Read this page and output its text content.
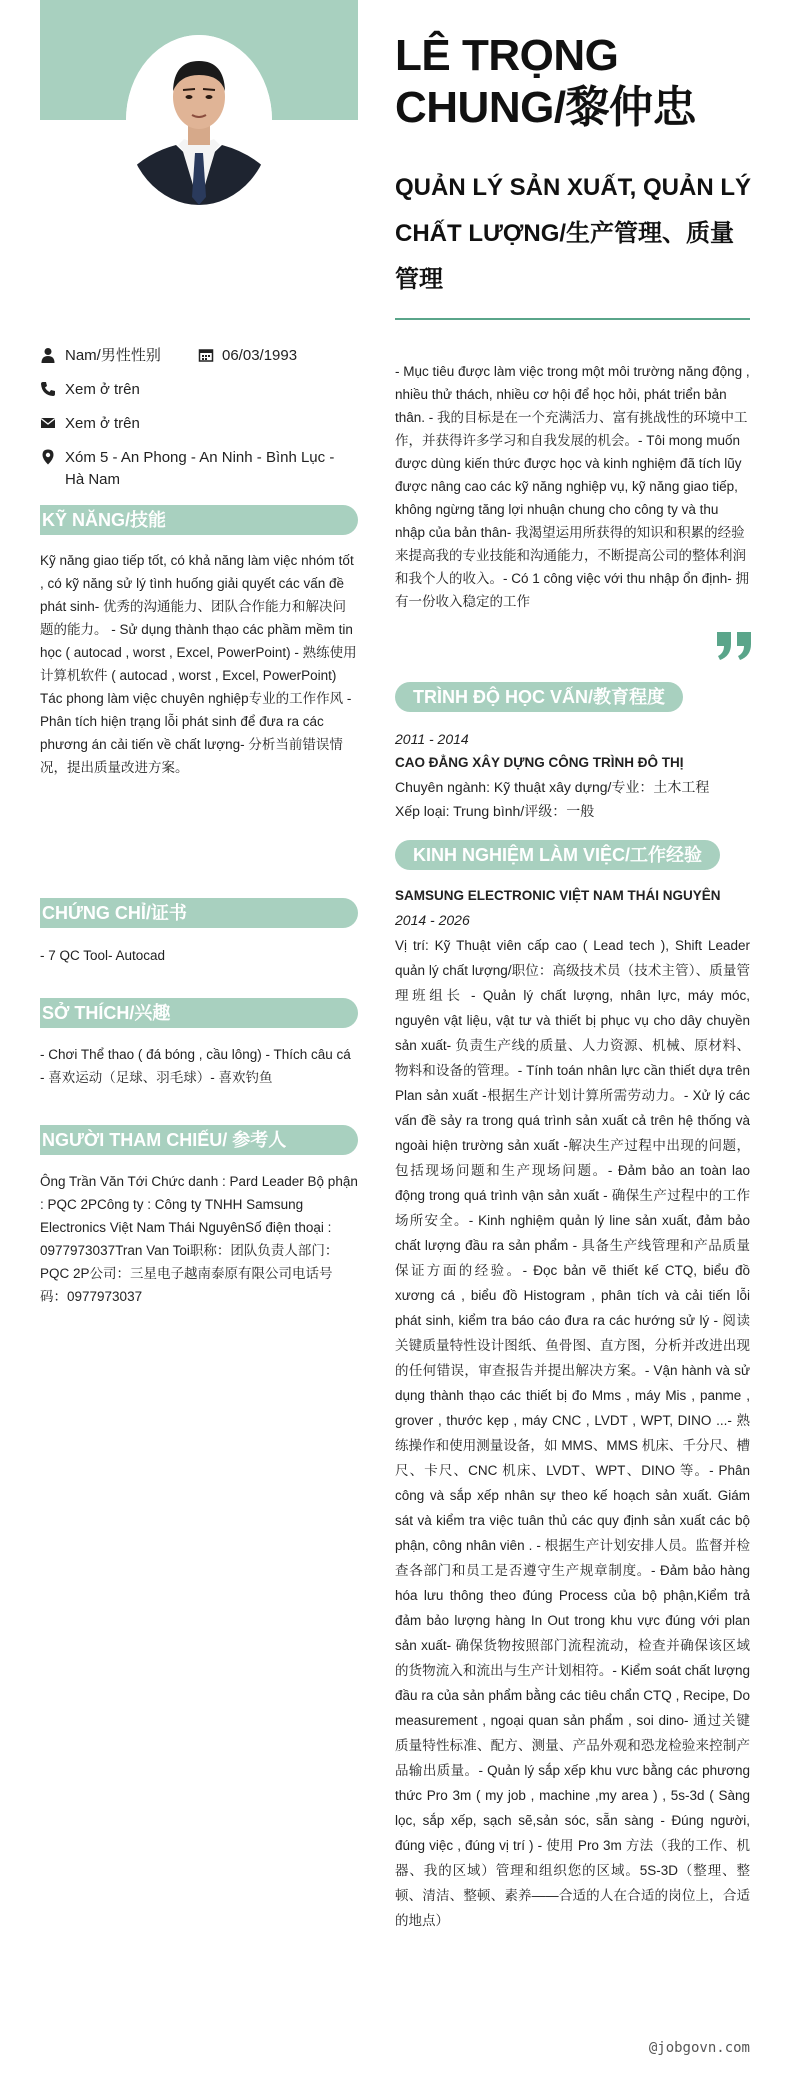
Nam/男性性别	06/03/1993
Xem ở trên
Xem ở trên
Xóm 5 - An Phong - An Ninh - Bình Lục - Hà Nam
KỸ NĂNG/技能
Kỹ năng giao tiếp tốt, có khả năng làm việc nhóm tốt , có kỹ năng sử lý tình huống giải quyết các vấn đề phát sinh- 优秀的沟通能力、团队合作能力和解决问题的能力。 - Sử dụng thành thạo các phầm mềm tin học ( autocad , worst , Excel, PowerPoint) - 熟练使用计算机软件 ( autocad , worst , Excel, PowerPoint) Tác phong làm việc chuyên nghiệp专业的工作作风 - Phân tích hiện trạng lỗi phát sinh để đưa ra các phương án cải tiến về chất lượng- 分析当前错误情况，提出质量改进方案。
CHỨNG CHỈ/证书
- 7 QC Tool- Autocad
SỞ THÍCH/兴趣
- Chơi Thể thao ( đá bóng , cầu lông) - Thích câu cá - 喜欢运动（足球、羽毛球）- 喜欢钓鱼
NGƯỜI THAM CHIẾU/ 参考人
Ông Trần Văn Tới Chức danh : Pard Leader Bộ phận : PQC 2PCông ty : Công ty TNHH Samsung Electronics Việt Nam Thái NguyênSố điện thoại : 0977973037Tran Van Toi职称：团队负责人部门：PQC 2P公司：三星电子越南泰原有限公司电话号码：0977973037
LÊ TRỌNG CHUNG/黎仲忠
QUẢN LÝ SẢN XUẤT, QUẢN LÝ CHẤT LƯỢNG/生产管理、质量管理
- Mục tiêu được làm việc trong một môi trường năng động , nhiều thử thách, nhiều cơ hội để học hỏi, phát triển bản thân. - 我的目标是在一个充满活力、富有挑战性的环境中工作，并获得许多学习和自我发展的机会。- Tôi mong muốn được dùng kiến thức được học và kinh nghiệm đã tích lũy được nâng cao các kỹ năng nghiệp vụ, kỹ năng giao tiếp, không ngừng tăng lợi nhuận chung cho công ty và thu nhập của bản thân- 我渴望运用所获得的知识和积累的经验来提高我的专业技能和沟通能力，不断提高公司的整体利润和我个人的收入。- Có 1 công việc với thu nhập ổn định- 拥有一份收入稳定的工作
TRÌNH ĐỘ HỌC VẤN/教育程度
2011 - 2014
CAO ĐẲNG XÂY DỰNG CÔNG TRÌNH ĐÔ THỊ
Chuyên ngành: Kỹ thuật xây dựng/专业：土木工程
Xếp loại: Trung bình/评级：一般
KINH NGHIỆM LÀM VIỆC/工作经验
SAMSUNG ELECTRONIC VIỆT NAM THÁI NGUYÊN
2014 - 2026
Vị trí: Kỹ Thuật viên cấp cao ( Lead tech ), Shift Leader quản lý chất lượng/职位：高级技术员（技术主管）、质量管理班组长 - Quản lý chất lượng, nhân lực, máy móc, nguyên vật liệu, vật tư và thiết bị phục vụ cho dây chuyền sản xuất- 负责生产线的质量、人力资源、机械、原材料、物料和设备的管理。- Tính toán nhân lực cần thiết dựa trên Plan sản xuất -根据生产计划计算所需劳动力。- Xử lý các vấn đề sảy ra trong quá trình sản xuất cả trên hệ thống và ngoài hiện trường sản xuất -解决生产过程中出现的问题，包括现场问题和生产现场问题。- Đảm bảo an toàn lao động trong quá trình vận sản xuất - 确保生产过程中的工作场所安全。- Kinh nghiệm quản lý line sản xuất, đảm bảo chất lượng đầu ra sản phẩm - 具备生产线管理和产品质量保证方面的经验。- Đọc bản vẽ thiết kế CTQ, biểu đồ xương cá , biểu đồ Histogram , phân tích và cải tiến lỗi phát sinh, kiểm tra báo cáo đưa ra các hướng sử lý - 阅读关键质量特性设计图纸、鱼骨图、直方图，分析并改进出现的任何错误，审查报告并提出解决方案。- Vận hành và sử dụng thành thạo các thiết bị đo Mms , máy Mis , panme , grover , thước kẹp , máy CNC , LVDT , WPT, DINO ...- 熟练操作和使用测量设备，如 MMS、MMS 机床、千分尺、槽尺、卡尺、CNC 机床、LVDT、WPT、DINO 等。- Phân công và sắp xếp nhân sự theo kế hoạch sản xuất. Giám sát và kiểm tra việc tuân thủ các quy định sản xuất các bộ phận, công nhân viên . - 根据生产计划安排人员。监督并检查各部门和员工是否遵守生产规章制度。- Đảm bảo hàng hóa lưu thông theo đúng Process của bộ phận,Kiểm trả đảm bảo lượng hàng In Out trong khu vực đúng với plan sản xuất- 确保货物按照部门流程流动，检查并确保该区域的货物流入和流出与生产计划相符。- Kiểm soát chất lượng đầu ra của sản phẩm bằng các tiêu chẩn CTQ , Recipe, Do measurement , ngoại quan sản phẩm , soi dino- 通过关键质量特性标准、配方、测量、产品外观和恐龙检验来控制产品输出质量。- Quản lý sắp xếp khu vưc bằng các phương thức Pro 3m ( my job , machine ,my area ) , 5s-3d ( Sàng lọc, sắp xếp, sạch sẽ,sản sóc, sẵn sàng - Đúng người, đúng việc , đúng vị trí ) - 使用 Pro 3m 方法（我的工作、机器、我的区域）管理和组织您的区域。5S-3D（整理、整顿、清洁、整顿、素养——合适的人在合适的岗位上，合适的地点）
@jobgovn.com
